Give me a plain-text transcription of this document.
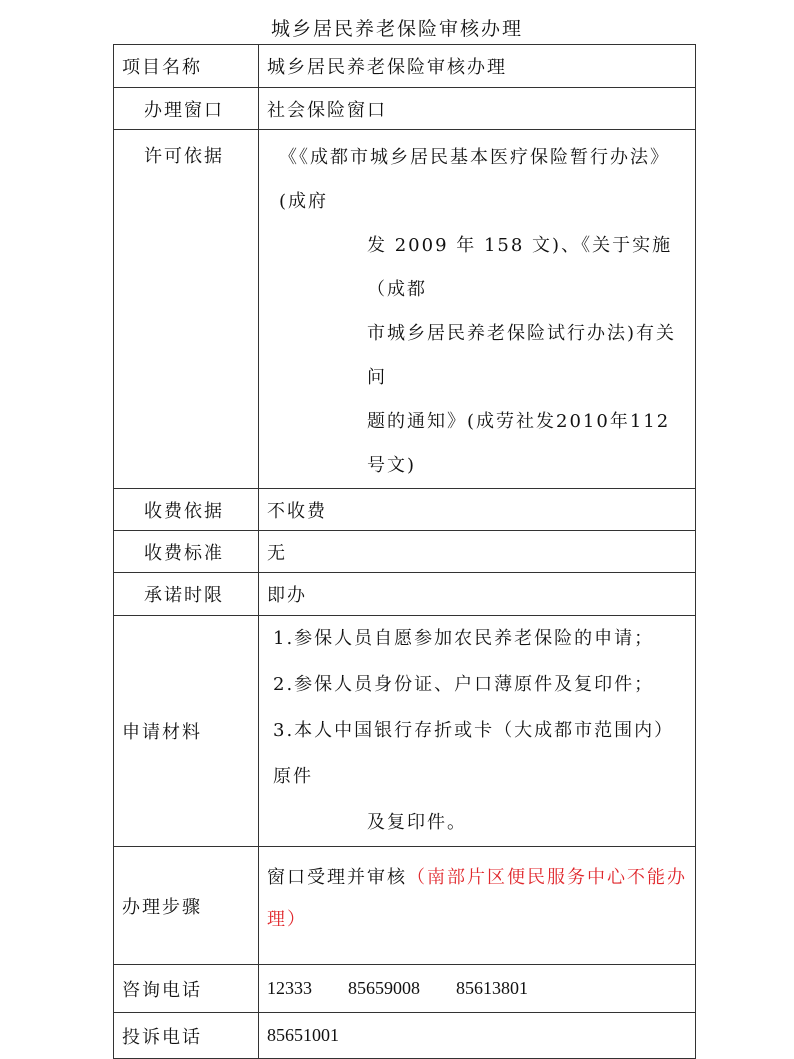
城乡居民养老保险审核办理
项目名称	城乡居民养老保险审核办理
办理窗口	社会保险窗口
许可依据	《《成都市城乡居民基本医疗保险暂行办法》(成府
发 2009 年 158 文)、《关于实施（成都
市城乡居民养老保险试行办法)有关问
题的通知》(成劳社发2010年112号文)

收费依据	不收费
收费标准	无
承诺时限	即办
申请材料	1.参保人员自愿参加农民养老保险的申请；
2.参保人员身份证、户口薄原件及复印件；
3.本人中国银行存折或卡（大成都市范围内）原件
及复印件。

办理步骤	窗口受理并审核（南部片区便民服务中心不能办理）

咨询电话	12333 85659008 85613801
投诉电话	85651001
